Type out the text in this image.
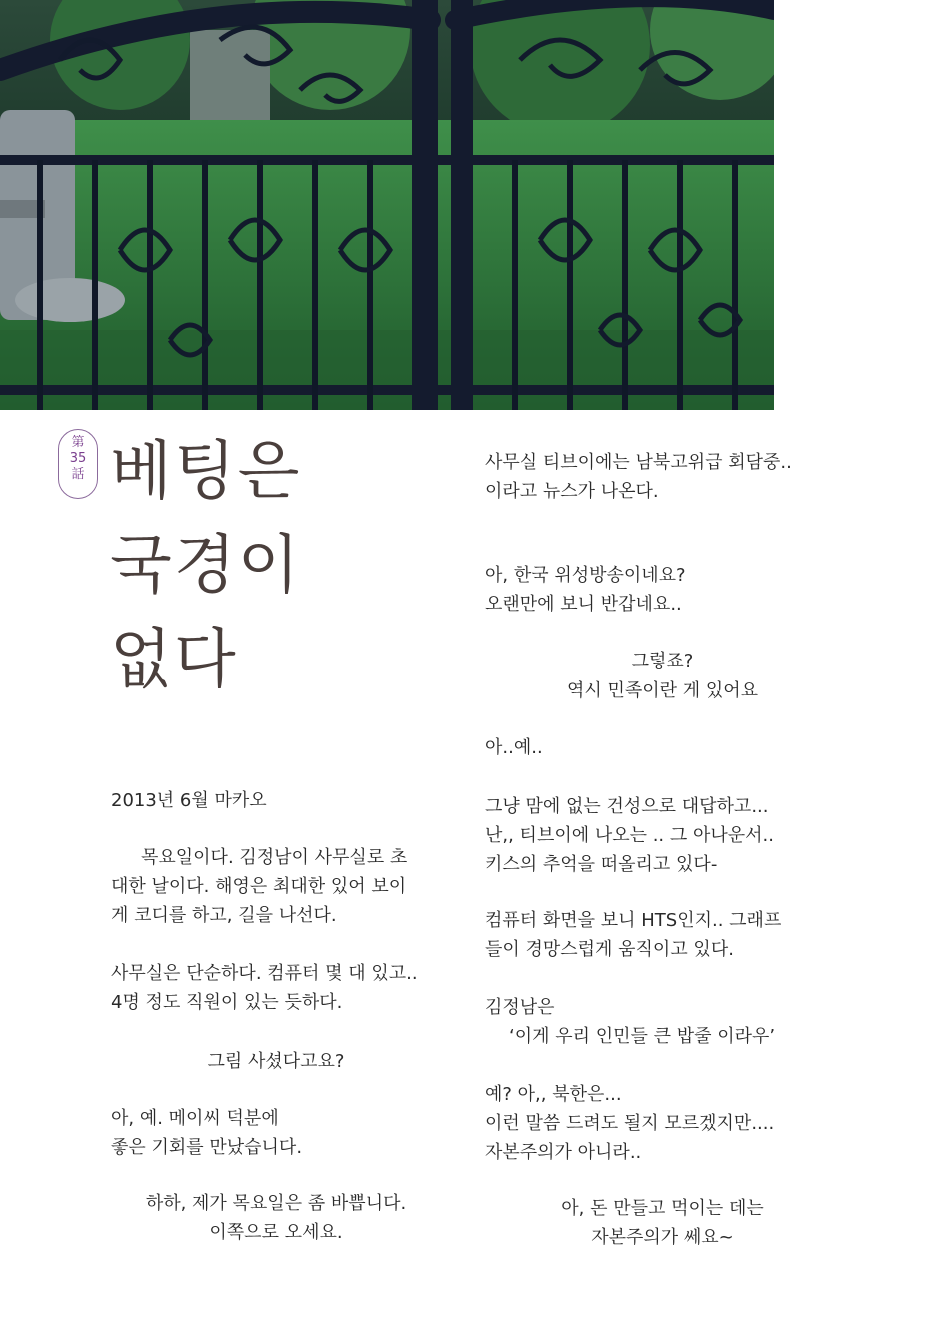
第
35
話 베팅은
국경이
없다

2013년 6월 마카오

목요일이다. 김정남이 사무실로 초

대한 날이다. 해영은 최대한 있어 보이

게 코디를 하고, 길을 나선다.

사무실은 단순하다. 컴퓨터 몇 대 있고..

4명 정도 직원이 있는 듯하다.

그림 사셨다고요?

아, 예. 메이씨 덕분에

좋은 기회를 만났습니다.

하하, 제가 목요일은 좀 바쁩니다.

이쪽으로 오세요.

사무실 티브이에는 남북고위급 회담중..

이라고 뉴스가 나온다.

아, 한국 위성방송이네요?

오랜만에 보니 반갑네요..

그렇죠?

역시 민족이란 게 있어요

아..예..

그냥 맘에 없는 건성으로 대답하고...

난,, 티브이에 나오는 .. 그 아나운서..

키스의 추억을 떠올리고 있다-

컴퓨터 화면을 보니 HTS인지.. 그래프

들이 경망스럽게 움직이고 있다.

김정남은

‘이게 우리 인민들 큰 밥줄 이라우’

예? 아,, 북한은...

이런 말씀 드려도 될지 모르겠지만....

자본주의가 아니라..

아, 돈 만들고 먹이는 데는

자본주의가 쎄요~
